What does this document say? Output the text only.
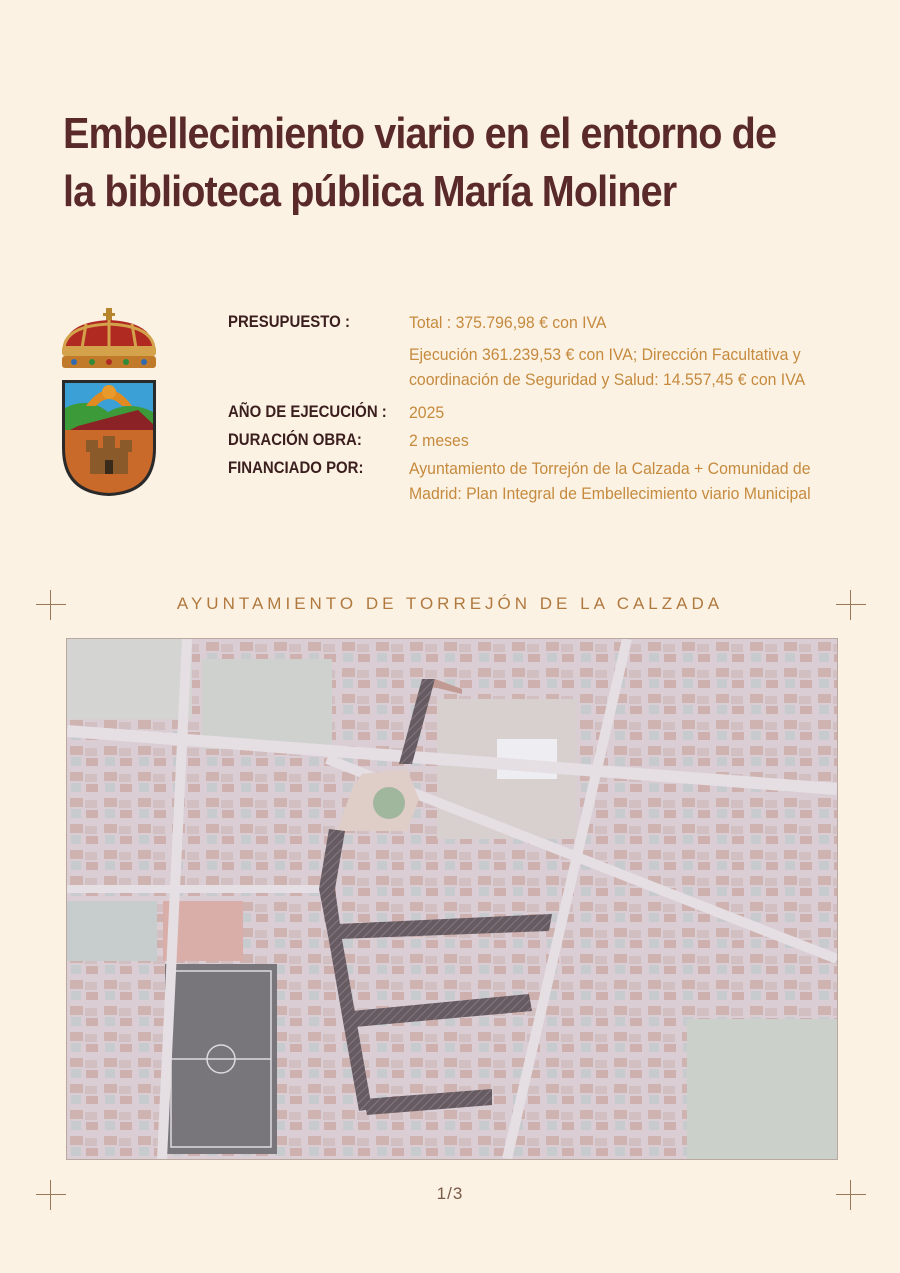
Embellecimiento viario en el entorno de la biblioteca pública María Moliner
PRESUPUESTO :	Total : 375.796,98 € con IVA
Ejecución 361.239,53 € con IVA; Dirección Facultativa y coordinación de Seguridad y Salud: 14.557,45 € con IVA
AÑO DE EJECUCIÓN : 2025
DURACIÓN OBRA:	2 meses
FINANCIADO POR:	Ayuntamiento de Torrejón de la Calzada + Comunidad de Madrid: Plan Integral de Embellecimiento viario Municipal
AYUNTAMIENTO DE TORREJÓN DE LA CALZADA
1/3
